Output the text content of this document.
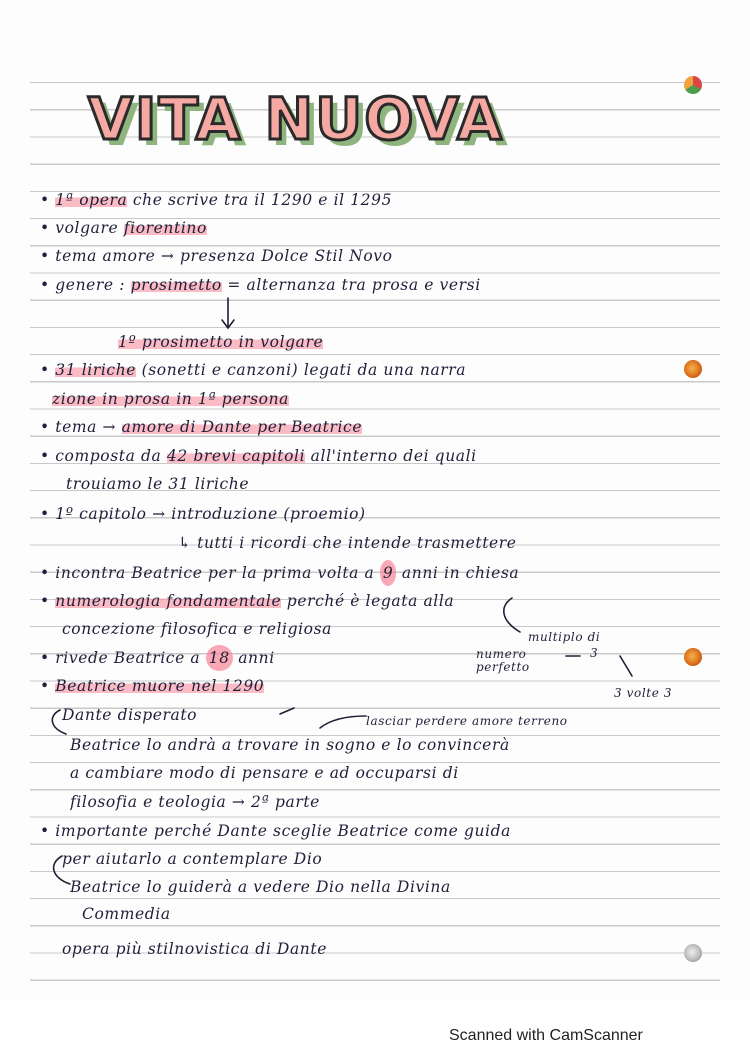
VITA NUOVA
• 1ª opera che scrive tra il 1290 e il 1295
• volgare fiorentino
• tema amore → presenza Dolce Stil Novo
• genere : prosimetto = alternanza tra prosa e versi
1º prosimetto in volgare
• 31 liriche (sonetti e canzoni) legati da una narra
zione in prosa in 1ª persona
• tema → amore di Dante per Beatrice
• composta da 42 brevi capitoli all'interno dei quali
trouiamo le 31 liriche
• 1º capitolo → introduzione (proemio)
↳ tutti i ricordi che intende trasmettere
• incontra Beatrice per la prima volta a 9 anni in chiesa
• numerologia fondamentale perché è legata alla
concezione filosofica e religiosa
• rivede Beatrice a 18 anni
• Beatrice muore nel 1290
Dante disperato
Beatrice lo andrà a trovare in sogno e lo convincerà
a cambiare modo di pensare e ad occuparsi di
filosofia e teologia → 2ª parte
• importante perché Dante sceglie Beatrice come guida
per aiutarlo a contemplare Dio
Beatrice lo guiderà a vedere Dio nella Divina
Commedia
opera più stilnovistica di Dante
multiplo di
3
numero perfetto
3 volte 3
lasciar perdere amore terreno
Scanned with CamScanner
